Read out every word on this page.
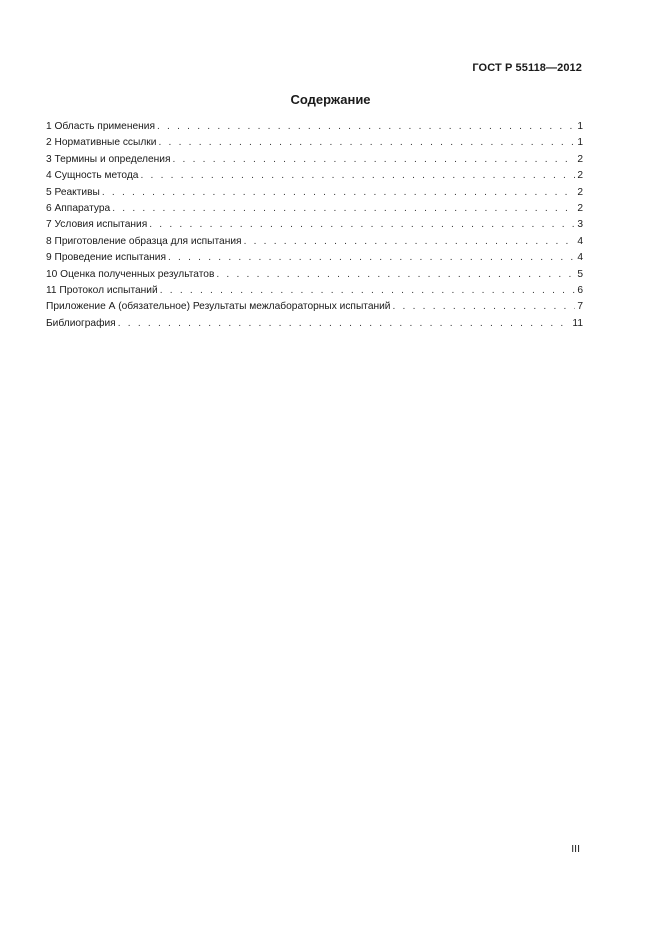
ГОСТ Р 55118—2012
Содержание
1 Область применения . . .	1
2 Нормативные ссылки . . .	1
3 Термины и определения . . .	2
4 Сущность метода . . .	2
5 Реактивы . . .	2
6 Аппаратура . . .	2
7 Условия испытания . . .	3
8 Приготовление образца для испытания . . .	4
9 Проведение испытания . . .	4
10 Оценка полученных результатов . . .	5
11 Протокол испытаний . . .	6
Приложение А (обязательное) Результаты межлабораторных испытаний . . .	7
Библиография . . .	11
III
